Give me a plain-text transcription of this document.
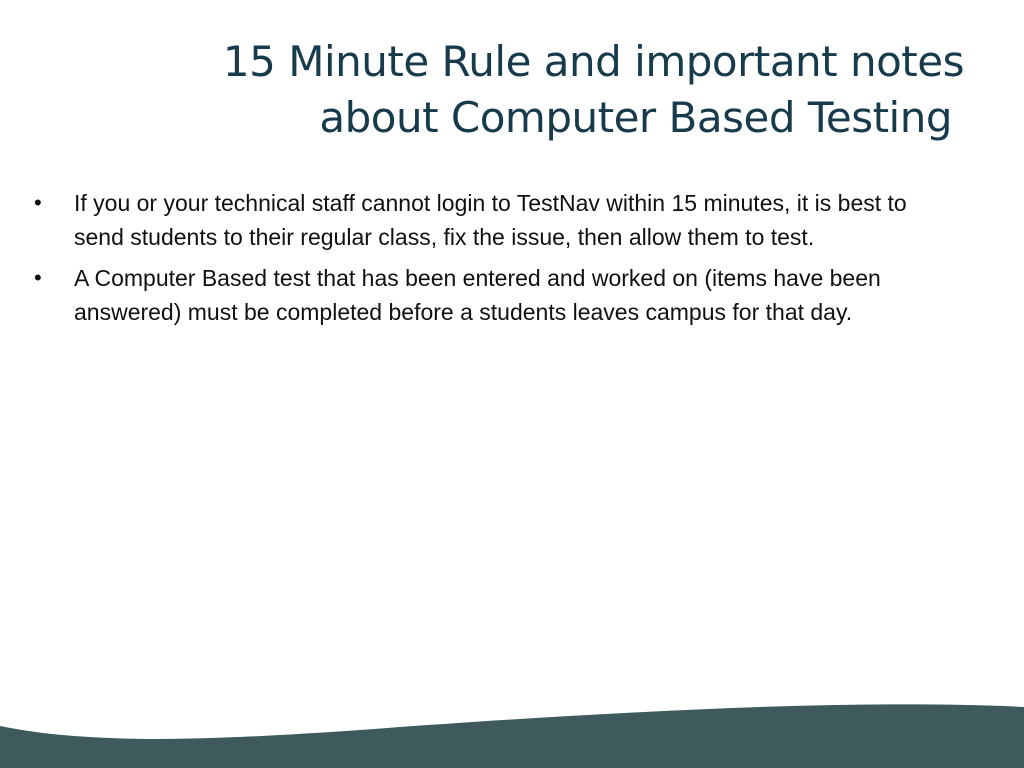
15 Minute Rule and important notes
about Computer Based Testing
• If you or your technical staff cannot login to TestNav within 15 minutes, it is best to send students to their regular class, fix the issue, then allow them to test.
• A Computer Based test that has been entered and worked on (items have been answered) must be completed before a students leaves campus for that day.
